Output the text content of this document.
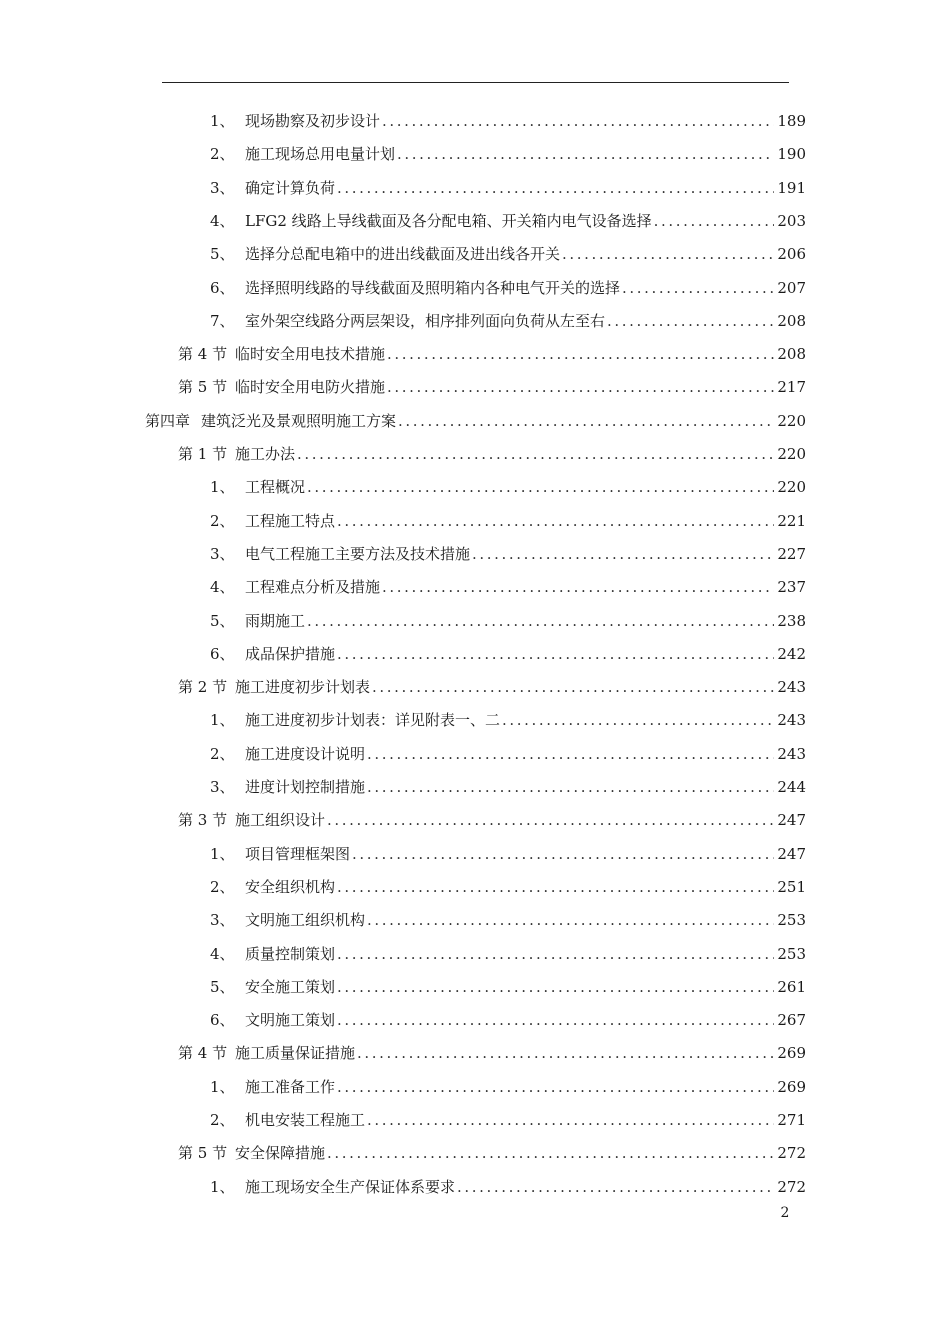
1、 现场勘察及初步设计 .....	189
2、 施工现场总用电量计划 .....	190
3、 确定计算负荷 .....	191
4、 LFG2 线路上导线截面及各分配电箱、开关箱内电气设备选择 .....	203
5、 选择分总配电箱中的进出线截面及进出线各开关 .....	206
6、 选择照明线路的导线截面及照明箱内各种电气开关的选择 .....	207
7、 室外架空线路分两层架设，相序排列面向负荷从左至右 .....	208
第 4 节 临时安全用电技术措施 .....	208
第 5 节 临时安全用电防火措施 .....	217
第四章 建筑泛光及景观照明施工方案 .....	220
第 1 节 施工办法 .....	220
1、 工程概况 .....	220
2、 工程施工特点 .....	221
3、 电气工程施工主要方法及技术措施 .....	227
4、 工程难点分析及措施 .....	237
5、 雨期施工 .....	238
6、 成品保护措施 .....	242
第 2 节 施工进度初步计划表 .....	243
1、 施工进度初步计划表：详见附表一、二 .....	243
2、 施工进度设计说明 .....	243
3、 进度计划控制措施 .....	244
第 3 节 施工组织设计 .....	247
1、 项目管理框架图 .....	247
2、 安全组织机构 .....	251
3、 文明施工组织机构 .....	253
4、 质量控制策划 .....	253
5、 安全施工策划 .....	261
6、 文明施工策划 .....	267
第 4 节 施工质量保证措施 .....	269
1、 施工准备工作 .....	269
2、 机电安装工程施工 .....	271
第 5 节 安全保障措施 .....	272
1、 施工现场安全生产保证体系要求 .....	272
2
